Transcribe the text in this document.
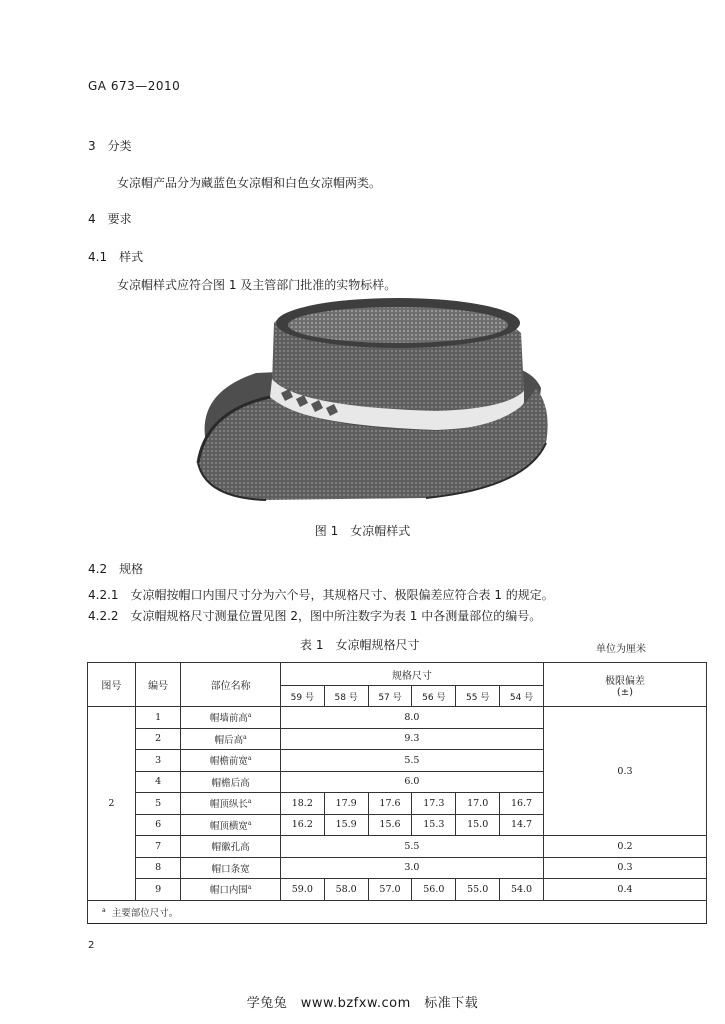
GA 673—2010
3　分类
女凉帽产品分为藏蓝色女凉帽和白色女凉帽两类。
4　要求
4.1　样式
女凉帽样式应符合图 1 及主管部门批准的实物标样。
图 1　女凉帽样式
4.2　规格
4.2.1　女凉帽按帽口内围尺寸分为六个号，其规格尺寸、极限偏差应符合表 1 的规定。
4.2.2　女凉帽规格尺寸测量位置见图 2，图中所注数字为表 1 中各测量部位的编号。
表 1　女凉帽规格尺寸	单位为厘米
图号	编号	部位名称	规格尺寸						极限偏差
(±)

			59 号	58 号	57 号	56 号	55 号	54 号	
2	1	帽墙前高$^a$	8.0						0.3
	2	帽后高$^a$	9.3						
	3	帽檐前宽$^a$	5.5						
	4	帽檐后高	6.0						
	5	帽顶纵长$^a$	18.2	17.9	17.6	17.3	17.0	16.7	
	6	帽顶横宽$^a$	16.2	15.9	15.6	15.3	15.0	14.7	
	7	帽徽孔高	5.5						0.2
	8	帽口条宽	3.0						0.3
	9	帽口内围$^a$	59.0	58.0	57.0	56.0	55.0	54.0	0.4
$^a$ 主要部位尺寸。									
2
学兔兔　www.bzfxw.com　标准下载
